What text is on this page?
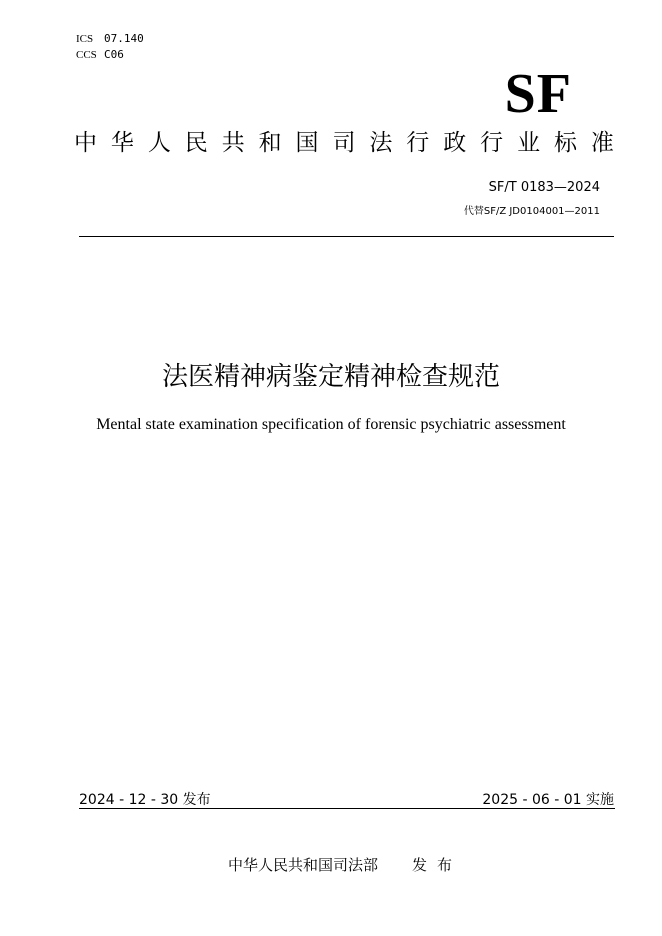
ICS 07.140
CCS C06
SF
中 华 人 民 共 和 国 司 法 行 政 行 业 标 准
SF/T 0183—2024
代替SF/Z JD0104001—2011
法医精神病鉴定精神检查规范
Mental state examination specification of forensic psychiatric assessment
2024 - 12 - 30 发布	2025 - 06 - 01 实施
中华人民共和国司法部 发布
